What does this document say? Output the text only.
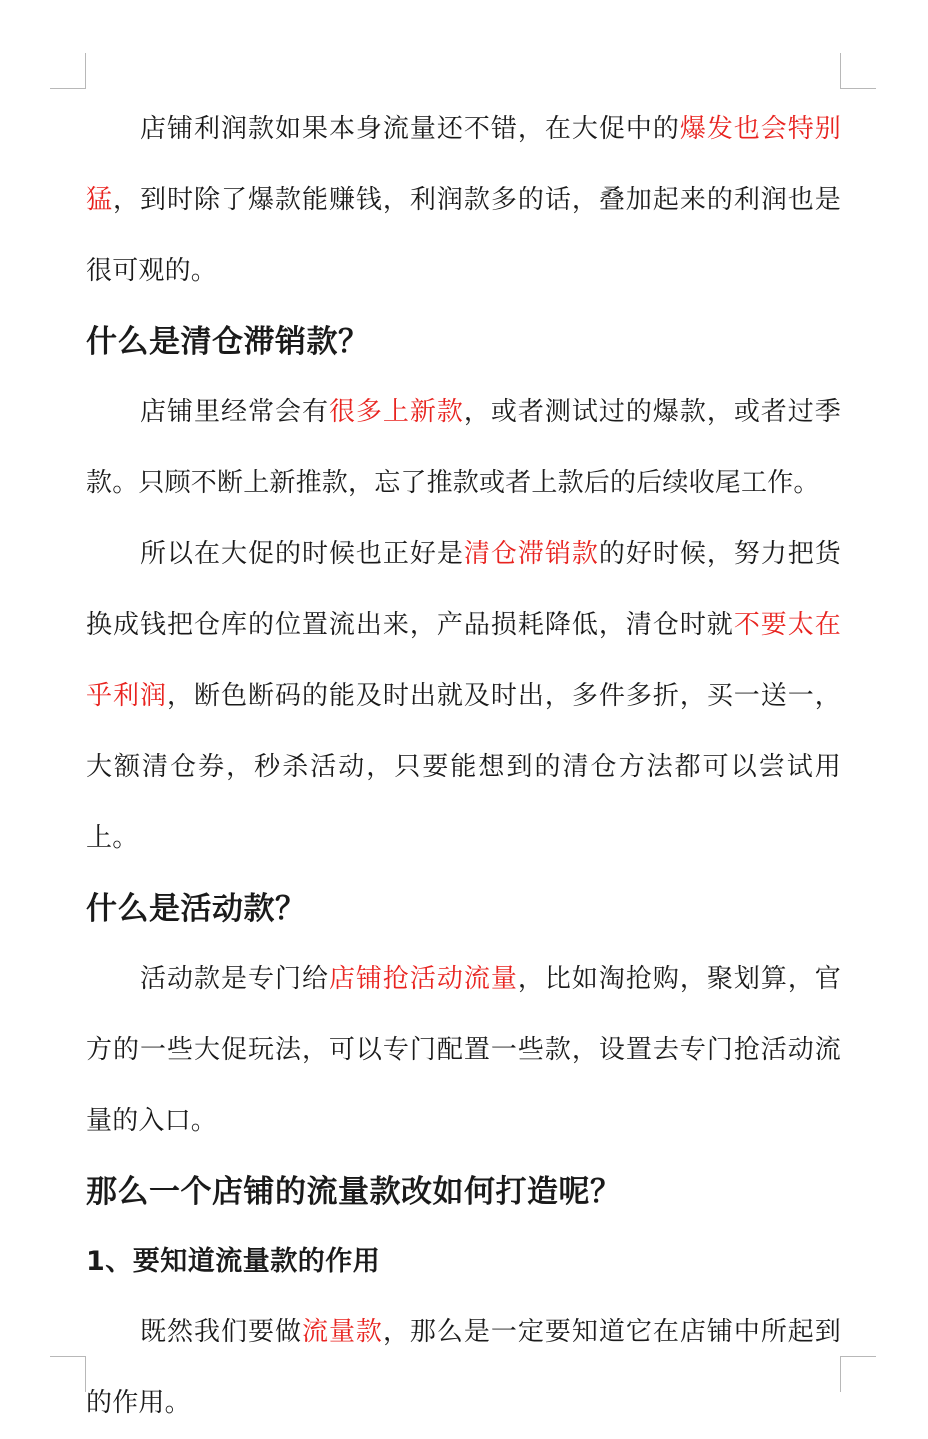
店铺利润款如果本身流量还不错，在大促中的爆发也会特别猛，到时除了爆款能赚钱，利润款多的话，叠加起来的利润也是很可观的。

什么是清仓滞销款？

店铺里经常会有很多上新款，或者测试过的爆款，或者过季款。只顾不断上新推款，忘了推款或者上款后的后续收尾工作。

所以在大促的时候也正好是清仓滞销款的好时候，努力把货换成钱把仓库的位置流出来，产品损耗降低，清仓时就不要太在乎利润，断色断码的能及时出就及时出，多件多折，买一送一，大额清仓券，秒杀活动，只要能想到的清仓方法都可以尝试用上。

什么是活动款？

活动款是专门给店铺抢活动流量，比如淘抢购，聚划算，官方的一些大促玩法，可以专门配置一些款，设置去专门抢活动流量的入口。

那么一个店铺的流量款改如何打造呢？
1、要知道流量款的作用

既然我们要做流量款，那么是一定要知道它在店铺中所起到的作用。
